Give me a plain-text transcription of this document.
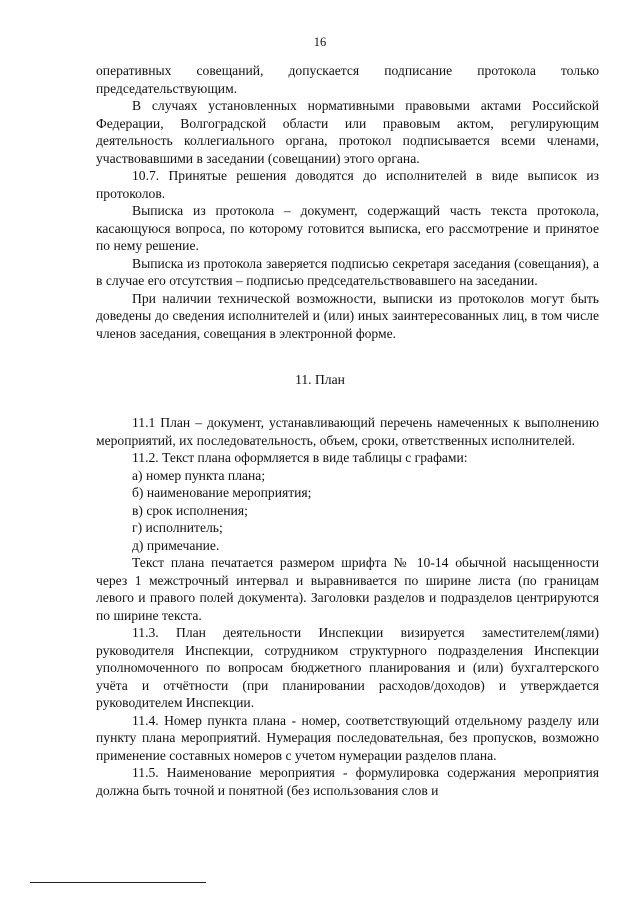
16

оперативных совещаний, допускается подписание протокола только председательствующим.

В случаях установленных нормативными правовыми актами Российской Федерации, Волгоградской области или правовым актом, регулирующим деятельность коллегиального органа, протокол подписывается всеми членами, участвовавшими в заседании (совещании) этого органа.

10.7. Принятые решения доводятся до исполнителей в виде выписок из протоколов.

Выписка из протокола – документ, содержащий часть текста протокола, касающуюся вопроса, по которому готовится выписка, его рассмотрение и принятое по нему решение.

Выписка из протокола заверяется подписью секретаря заседания (совещания), а в случае его отсутствия – подписью председательствовавшего на заседании.

При наличии технической возможности, выписки из протоколов могут быть доведены до сведения исполнителей и (или) иных заинтересованных лиц, в том числе членов заседания, совещания в электронной форме.

11. План

11.1 План – документ, устанавливающий перечень намеченных к выполнению мероприятий, их последовательность, объем, сроки, ответственных исполнителей.

11.2. Текст плана оформляется в виде таблицы с графами:

а) номер пункта плана;
б) наименование мероприятия;
в) срок исполнения;
г) исполнитель;
д) примечание.

Текст плана печатается размером шрифта № 10-14 обычной насыщенности через 1 межстрочный интервал и выравнивается по ширине листа (по границам левого и правого полей документа). Заголовки разделов и подразделов центрируются по ширине текста.

11.3. План деятельности Инспекции визируется заместителем(лями) руководителя Инспекции, сотрудником структурного подразделения Инспекции уполномоченного по вопросам бюджетного планирования и (или) бухгалтерского учёта и отчётности (при планировании расходов/доходов) и утверждается руководителем Инспекции.

11.4. Номер пункта плана - номер, соответствующий отдельному разделу или пункту плана мероприятий. Нумерация последовательная, без пропусков, возможно применение составных номеров с учетом нумерации разделов плана.

11.5. Наименование мероприятия - формулировка содержания мероприятия должна быть точной и понятной (без использования слов и
